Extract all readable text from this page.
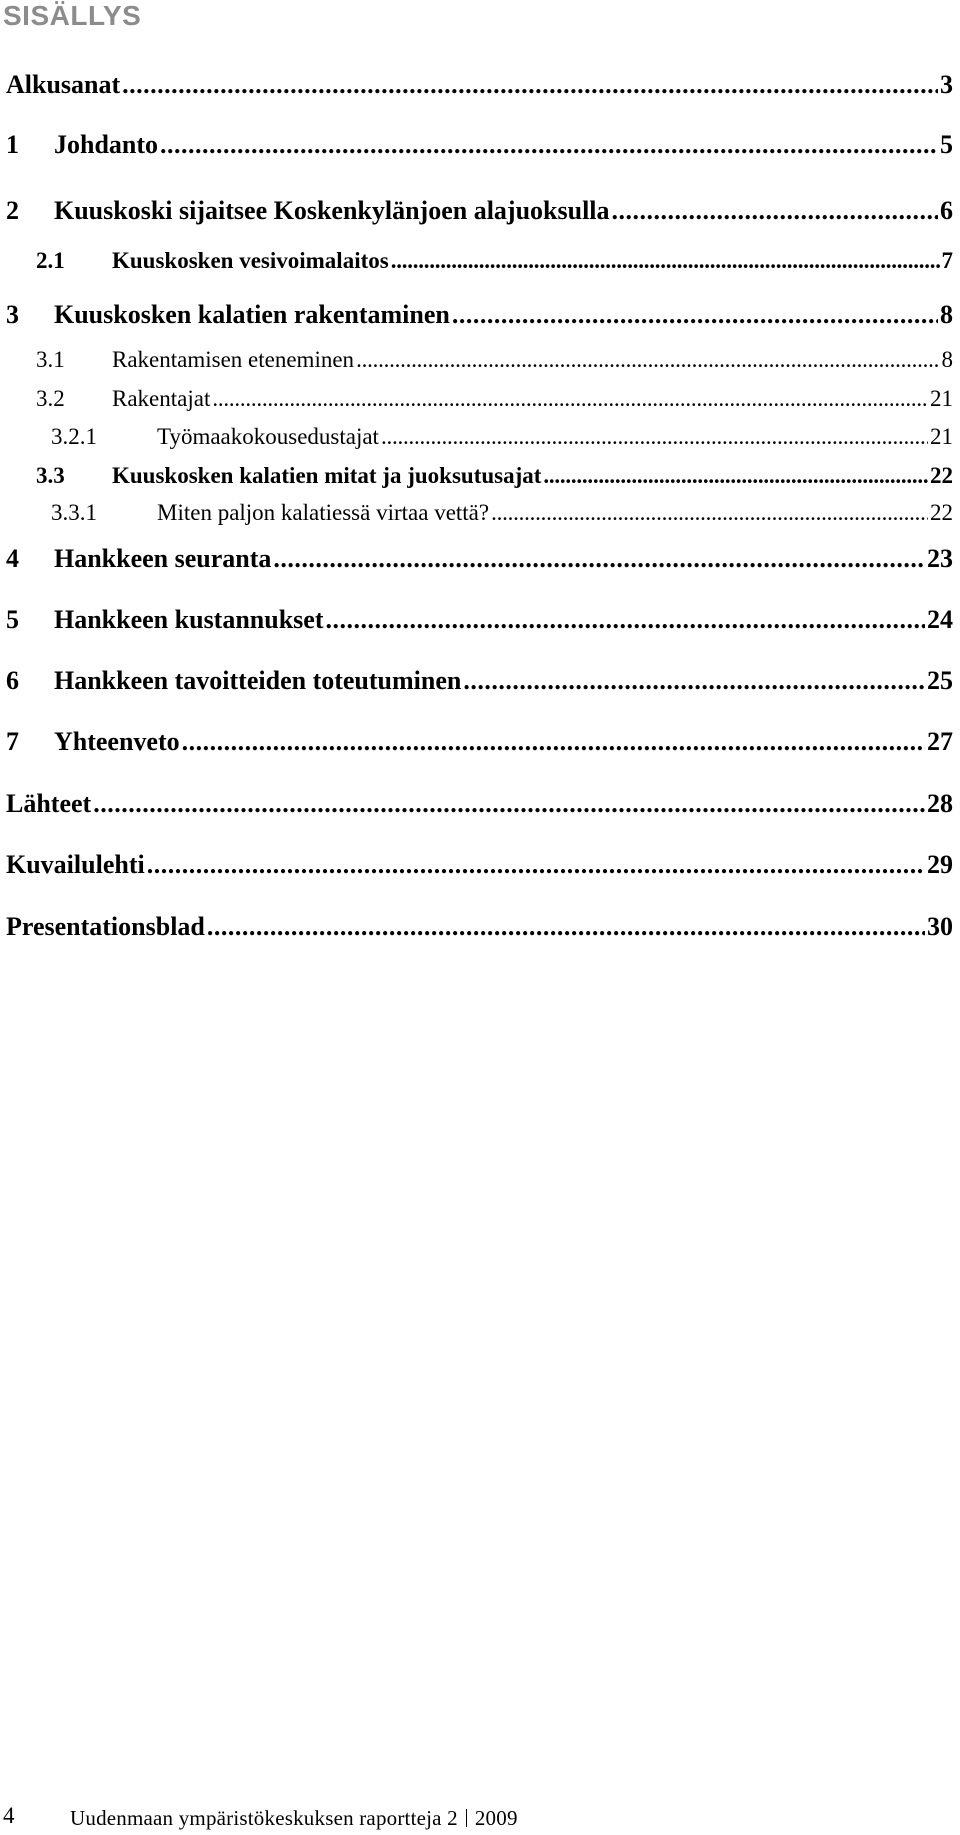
SISÄLLYS
Alkusanat . . .	3
1	Johdanto . . .	5
2	Kuuskoski sijaitsee Koskenkylänjoen alajuoksulla . . .	6
2.1	Kuuskosken vesivoimalaitos . . .	7
3	Kuuskosken kalatien rakentaminen . . .	8
3.1	Rakentamisen eteneminen . . .	8
3.2	Rakentajat . . .	21
3.2.1	Työmaakokousedustajat . . .	21
3.3	Kuuskosken kalatien mitat ja juoksutusajat . . .	22
3.3.1	Miten paljon kalatiessä virtaa vettä? . . .	22
4	Hankkeen seuranta . . .	23
5	Hankkeen kustannukset . . .	24
6	Hankkeen tavoitteiden toteutuminen . . .	25
7	Yhteenveto . . .	27
Lähteet . . .	28
Kuvailulehti . . .	29
Presentationsblad . . .	30
4	Uudenmaan ympäristökeskuksen raportteja 2 2009
